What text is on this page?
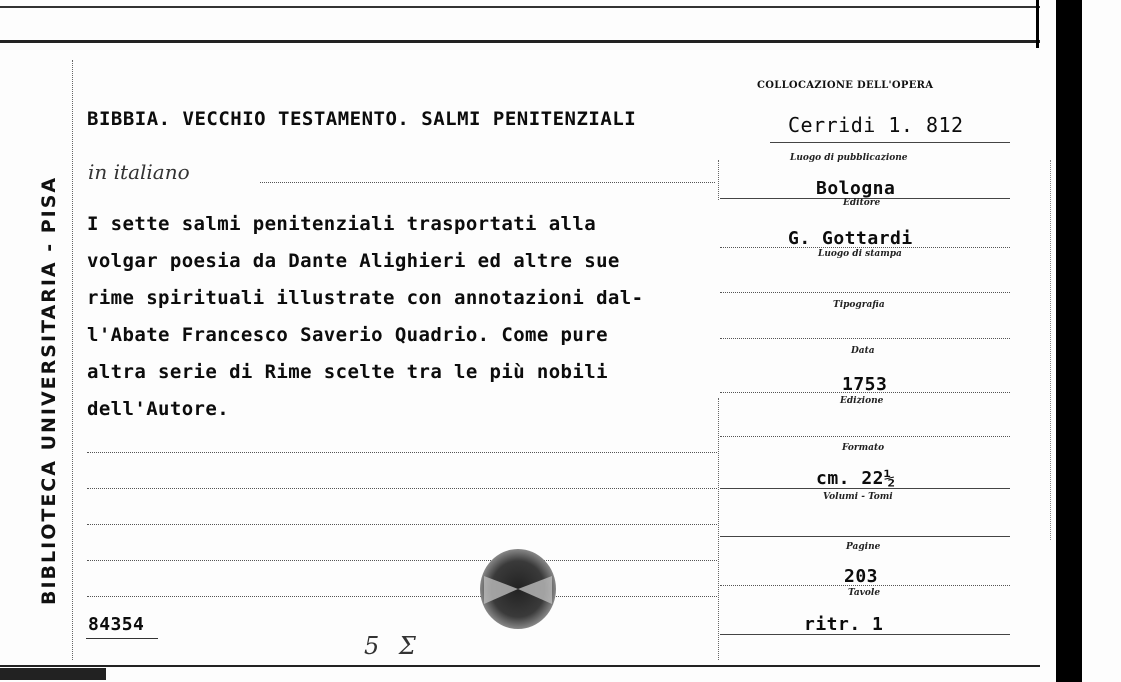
BIBLIOTECA UNIVERSITARIA - PISA
BIBBIA. VECCHIO TESTAMENTO. SALMI PENITENZIALI
in italiano
I sette salmi penitenziali trasportati alla
volgar poesia da Dante Alighieri ed altre sue
rime spirituali illustrate con annotazioni dal-
l'Abate Francesco Saverio Quadrio. Come pure
altra serie di Rime scelte tra le più nobili
dell'Autore.
84354
5 Σ
COLLOCAZIONE DELL'OPERA
Cerridi 1. 812
Luogo di pubblicazione
Bologna
Editore
G. Gottardi
Luogo di stampa
Tipografia
Data
1753
Edizione
Formato
cm. 22½
Volumi - Tomi
Pagine
203
Tavole
ritr. 1
